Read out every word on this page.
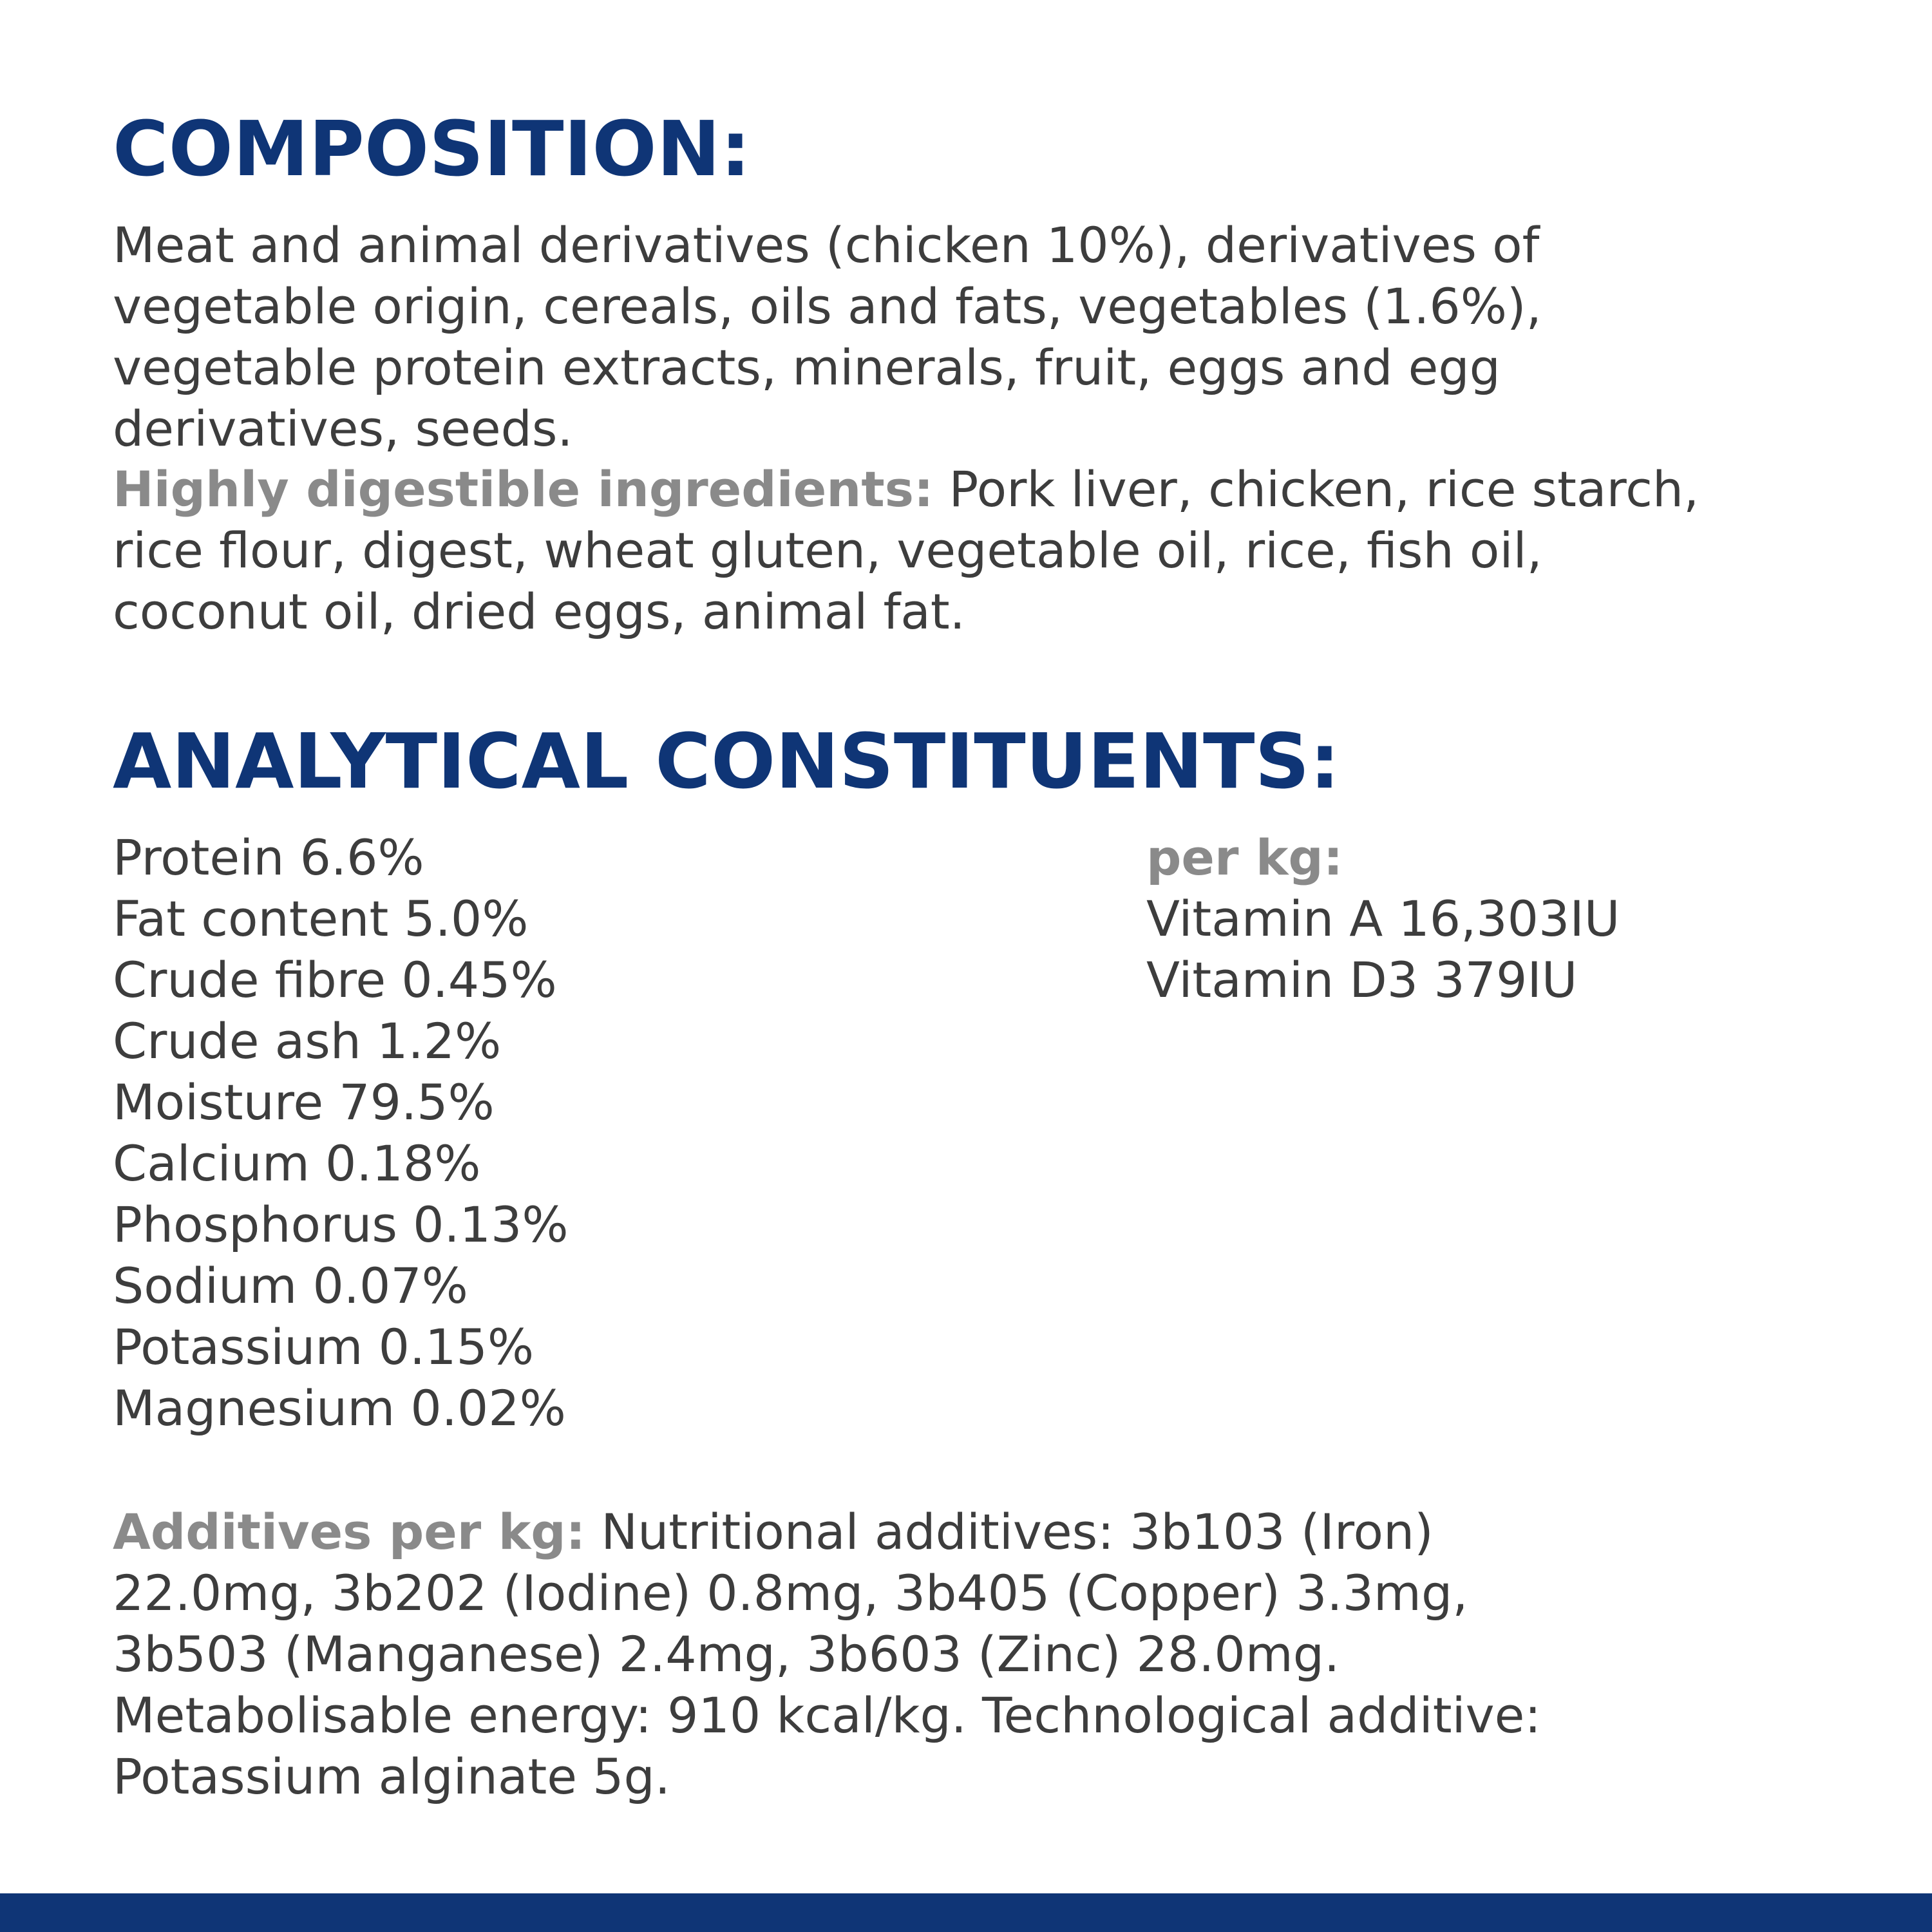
COMPOSITION:

Meat and animal derivatives (chicken 10%), derivatives of
vegetable origin, cereals, oils and fats, vegetables (1.6%),
vegetable protein extracts, minerals, fruit, eggs and egg
derivatives, seeds.

Highly digestible ingredients: Pork liver, chicken, rice starch,
rice flour, digest, wheat gluten, vegetable oil, rice, fish oil,
coconut oil, dried eggs, animal fat.

ANALYTICAL CONSTITUENTS:
Protein 6.6%
Fat content 5.0%
Crude fibre 0.45%
Crude ash 1.2%
Moisture 79.5%
Calcium 0.18%
Phosphorus 0.13%
Sodium 0.07%
Potassium 0.15%
Magnesium 0.02%
per kg:
Vitamin A 16,303IU
Vitamin D3 379IU

Additives per kg: Nutritional additives: 3b103 (Iron)
22.0mg, 3b202 (Iodine) 0.8mg, 3b405 (Copper) 3.3mg,
3b503 (Manganese) 2.4mg, 3b603 (Zinc) 28.0mg.
Metabolisable energy: 910 kcal/kg. Technological additive:
Potassium alginate 5g.
